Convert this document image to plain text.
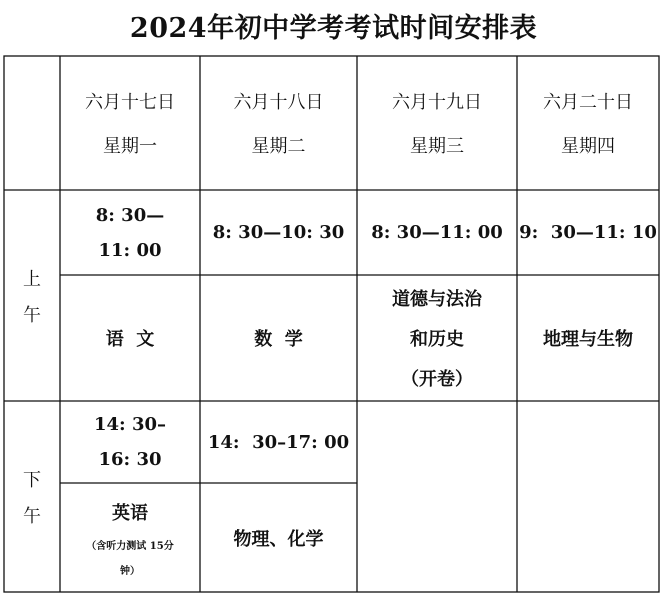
2024年初中学考考试时间安排表
六月十七日
星期一
六月十八日
星期二
六月十九日
星期三
六月二十日
星期四
上
午
下
午
8: 30—
11: 00
8: 30—10: 30 8: 30—11: 00 9:  30—11: 10
语  文	数  学
道德与法治
和历史
（开卷）
地理与生物
14: 30–
16: 30
14:  30–17: 00
英语
（含听力测试 15分
钟）
物理、化学
